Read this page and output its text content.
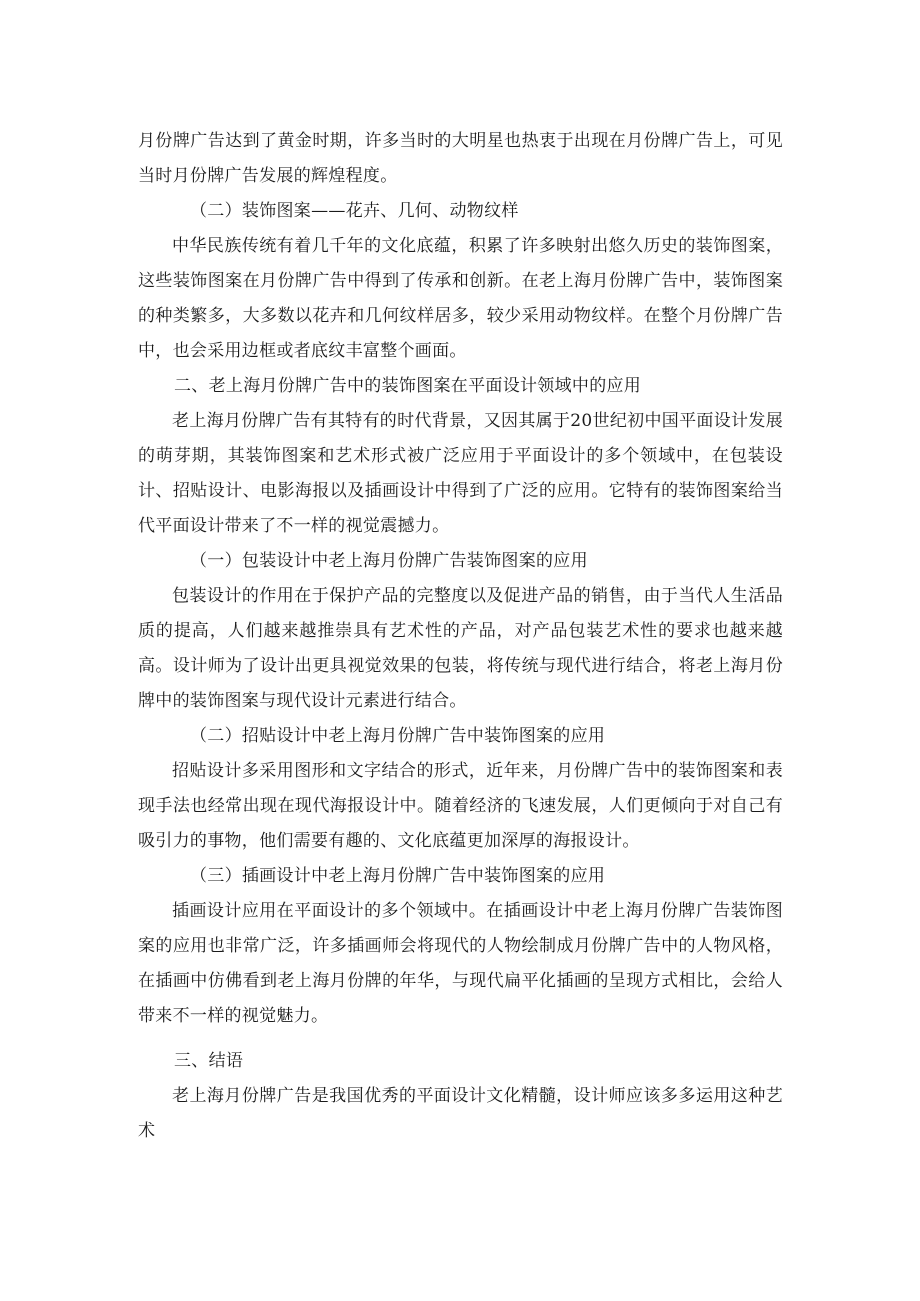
月份牌广告达到了黄金时期，许多当时的大明星也热衷于出现在月份牌广告上，可见当时月份牌广告发展的辉煌程度。

（二）装饰图案——花卉、几何、动物纹样

中华民族传统有着几千年的文化底蕴，积累了许多映射出悠久历史的装饰图案，这些装饰图案在月份牌广告中得到了传承和创新。在老上海月份牌广告中，装饰图案的种类繁多，大多数以花卉和几何纹样居多，较少采用动物纹样。在整个月份牌广告中，也会采用边框或者底纹丰富整个画面。

二、老上海月份牌广告中的装饰图案在平面设计领域中的应用

老上海月份牌广告有其特有的时代背景，又因其属于20世纪初中国平面设计发展的萌芽期，其装饰图案和艺术形式被广泛应用于平面设计的多个领域中，在包装设计、招贴设计、电影海报以及插画设计中得到了广泛的应用。它特有的装饰图案给当代平面设计带来了不一样的视觉震撼力。

（一）包装设计中老上海月份牌广告装饰图案的应用

包装设计的作用在于保护产品的完整度以及促进产品的销售，由于当代人生活品质的提高，人们越来越推崇具有艺术性的产品，对产品包装艺术性的要求也越来越高。设计师为了设计出更具视觉效果的包装，将传统与现代进行结合，将老上海月份牌中的装饰图案与现代设计元素进行结合。

（二）招贴设计中老上海月份牌广告中装饰图案的应用

招贴设计多采用图形和文字结合的形式，近年来，月份牌广告中的装饰图案和表现手法也经常出现在现代海报设计中。随着经济的飞速发展，人们更倾向于对自己有吸引力的事物，他们需要有趣的、文化底蕴更加深厚的海报设计。

（三）插画设计中老上海月份牌广告中装饰图案的应用

插画设计应用在平面设计的多个领域中。在插画设计中老上海月份牌广告装饰图案的应用也非常广泛，许多插画师会将现代的人物绘制成月份牌广告中的人物风格，在插画中仿佛看到老上海月份牌的年华，与现代扁平化插画的呈现方式相比，会给人带来不一样的视觉魅力。

三、结语

老上海月份牌广告是我国优秀的平面设计文化精髓，设计师应该多多运用这种艺术
